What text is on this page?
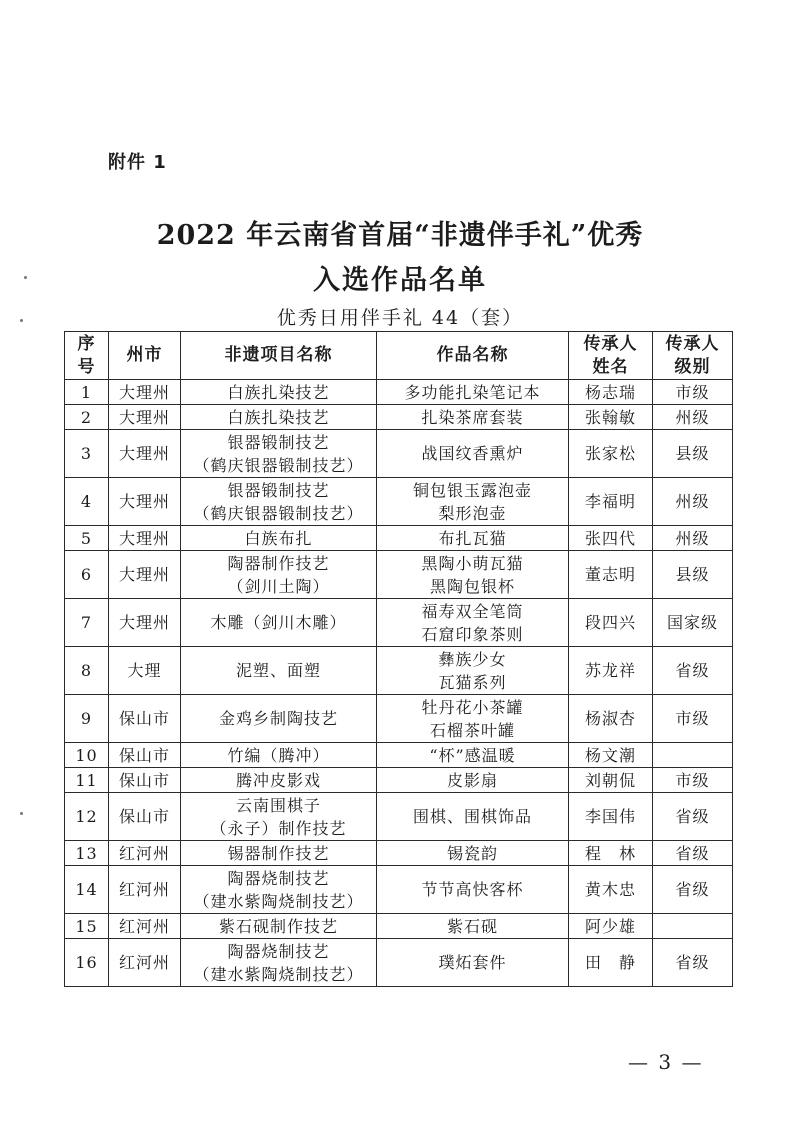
附件 1
2022 年云南省首届“非遗伴手礼”优秀
入选作品名单
优秀日用伴手礼 44（套）
序
号	州市	非遗项目名称	作品名称	传承人
姓名	传承人
级别
1	大理州	白族扎染技艺	多功能扎染笔记本	杨志瑞	市级
2	大理州	白族扎染技艺	扎染茶席套装	张翰敏	州级
3	大理州	银器锻制技艺
（鹤庆银器锻制技艺）	战国纹香熏炉	张家松	县级
4	大理州	银器锻制技艺
（鹤庆银器锻制技艺）	铜包银玉露泡壶
梨形泡壶	李福明	州级
5	大理州	白族布扎	布扎瓦猫	张四代	州级
6	大理州	陶器制作技艺
（剑川土陶）	黑陶小萌瓦猫
黑陶包银杯	董志明	县级
7	大理州	木雕（剑川木雕）	福寿双全笔筒
石窟印象茶则	段四兴	国家级
8	大理	泥塑、面塑	彝族少女
瓦猫系列	苏龙祥	省级
9	保山市	金鸡乡制陶技艺	牡丹花小茶罐
石榴茶叶罐	杨淑杏	市级
10	保山市	竹编（腾冲）	“杯”感温暖	杨文潮	
11	保山市	腾冲皮影戏	皮影扇	刘朝侃	市级
12	保山市	云南围棋子
（永子）制作技艺	围棋、围棋饰品	李国伟	省级
13	红河州	锡器制作技艺	锡瓷韵	程　林	省级
14	红河州	陶器烧制技艺
（建水紫陶烧制技艺）	节节高快客杯	黄木忠	省级
15	红河州	紫石砚制作技艺	紫石砚	阿少雄	
16	红河州	陶器烧制技艺
（建水紫陶烧制技艺）	璞炻套件	田　静	省级
— 3 —
